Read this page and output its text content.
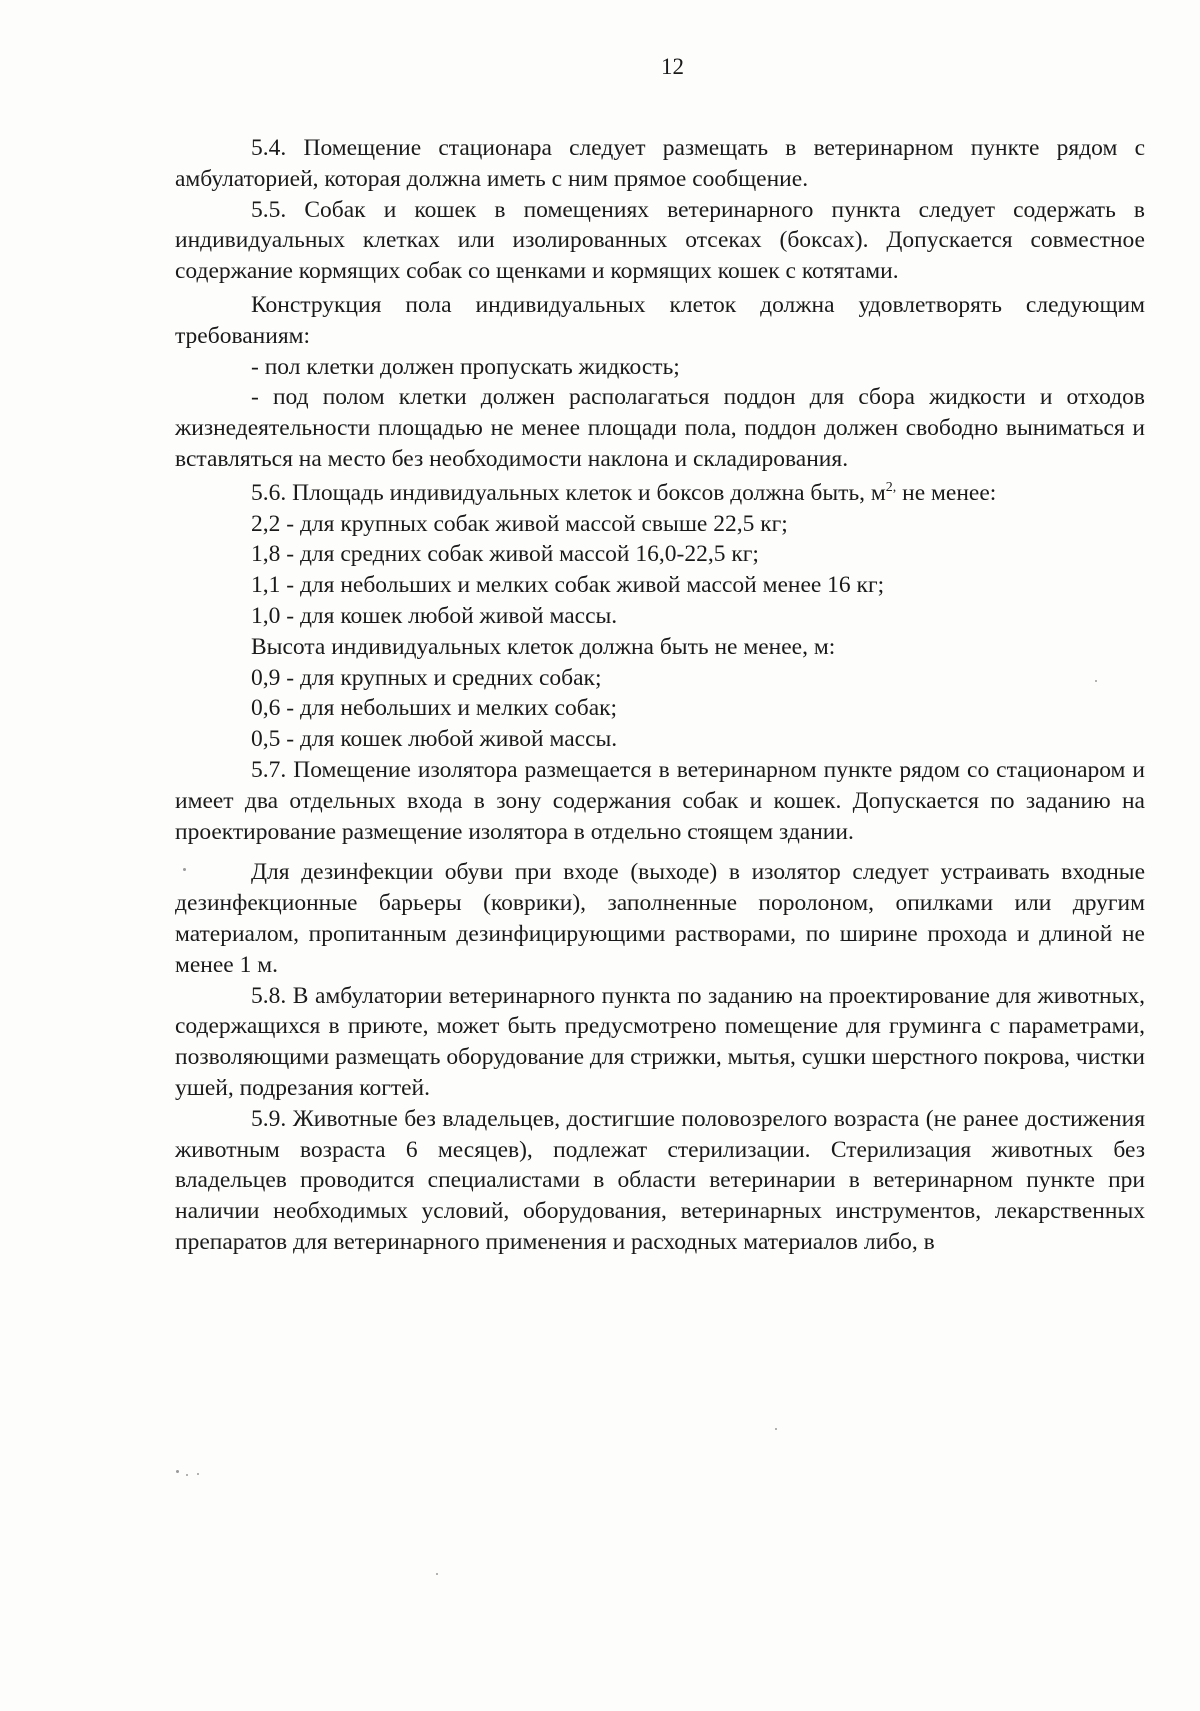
12

5.4. Помещение стационара следует размещать в ветеринарном пункте рядом с амбулаторией, которая должна иметь с ним прямое сообщение.

5.5. Собак и кошек в помещениях ветеринарного пункта следует содержать в индивидуальных клетках или изолированных отсеках (боксах). Допускается совместное содержание кормящих собак со щенками и кормящих кошек с котятами.

Конструкция пола индивидуальных клеток должна удовлетворять следующим требованиям:

- пол клетки должен пропускать жидкость;

- под полом клетки должен располагаться поддон для сбора жидкости и отходов жизнедеятельности площадью не менее площади пола, поддон должен свободно выниматься и вставляться на место без необходимости наклона и складирования.

5.6. Площадь индивидуальных клеток и боксов должна быть, $м^{2,}$ не менее:

2,2 - для крупных собак живой массой свыше 22,5 кг;

1,8 - для средних собак живой массой 16,0-22,5 кг;

1,1 - для небольших и мелких собак живой массой менее 16 кг;

1,0 - для кошек любой живой массы.

Высота индивидуальных клеток должна быть не менее, м:

0,9 - для крупных и средних собак;

0,6 - для небольших и мелких собак;

0,5 - для кошек любой живой массы.

5.7. Помещение изолятора размещается в ветеринарном пункте рядом со стационаром и имеет два отдельных входа в зону содержания собак и кошек. Допускается по заданию на проектирование размещение изолятора в отдельно стоящем здании.

Для дезинфекции обуви при входе (выходе) в изолятор следует устраивать входные дезинфекционные барьеры (коврики), заполненные поролоном, опилками или другим материалом, пропитанным дезинфицирующими растворами, по ширине прохода и длиной не менее 1 м.

5.8. В амбулатории ветеринарного пункта по заданию на проектирование для животных, содержащихся в приюте, может быть предусмотрено помещение для груминга с параметрами, позволяющими размещать оборудование для стрижки, мытья, сушки шерстного покрова, чистки ушей, подрезания когтей.

5.9. Животные без владельцев, достигшие половозрелого возраста (не ранее достижения животным возраста 6 месяцев), подлежат стерилизации. Стерилизация животных без владельцев проводится специалистами в области ветеринарии в ветеринарном пункте при наличии необходимых условий, оборудования, ветеринарных инструментов, лекарственных препаратов для ветеринарного применения и расходных материалов либо, в
